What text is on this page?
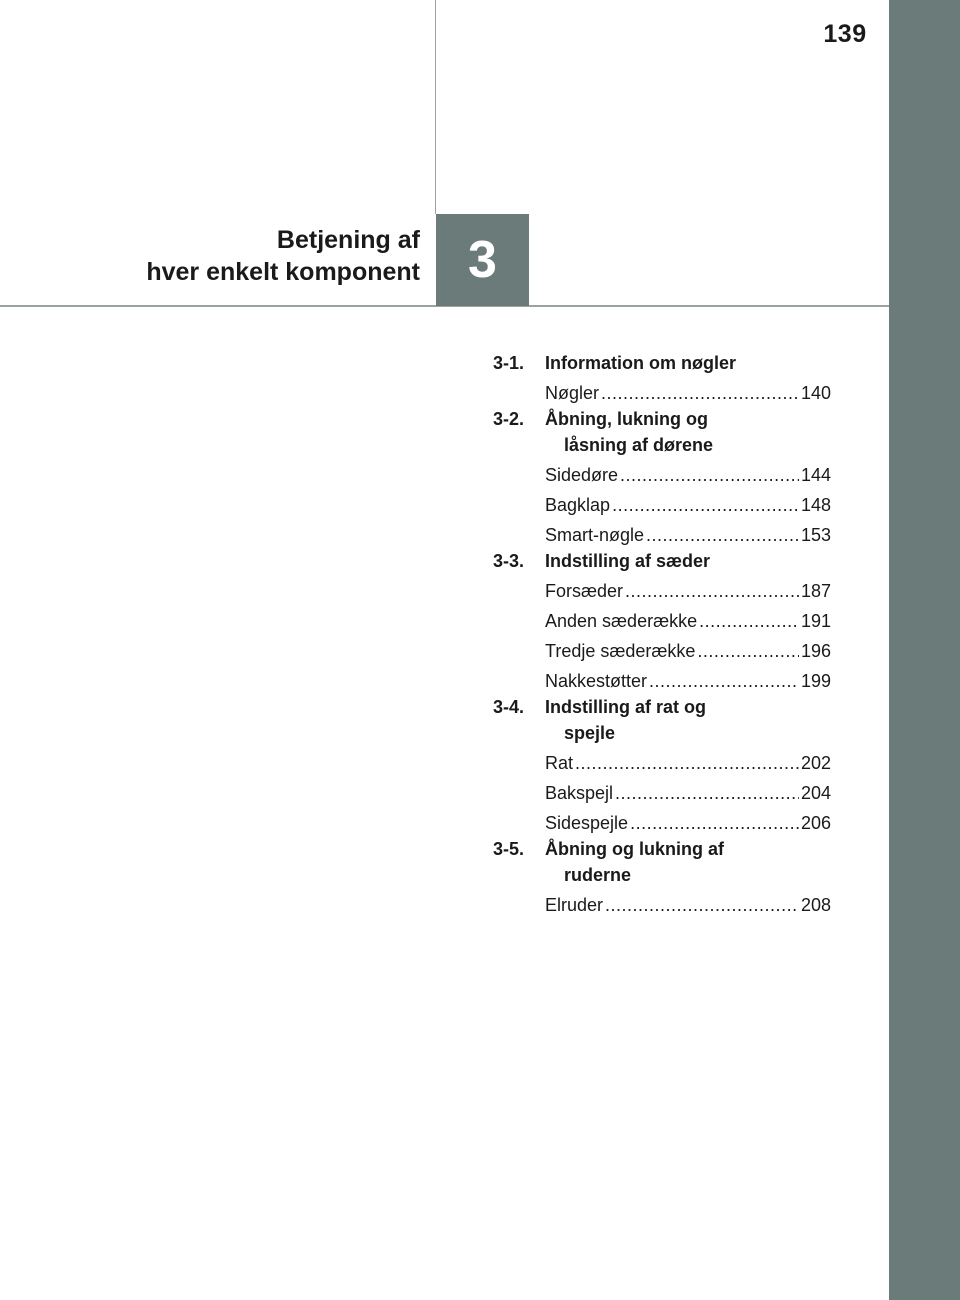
139
3
Betjening af
hver enkelt komponent
3-1.	Information om nøgler
Nøgler .....	140
3-2.	Åbning, lukning og
låsning af dørene
Sidedøre .....	144
Bagklap .....	148
Smart-nøgle .....	153
3-3.	Indstilling af sæder
Forsæder .....	187
Anden sæderække .....	191
Tredje sæderække .....	196
Nakkestøtter .....	199
3-4.	Indstilling af rat og
spejle
Rat .....	202
Bakspejl .....	204
Sidespejle .....	206
3-5.	Åbning og lukning af
ruderne
Elruder .....	208
